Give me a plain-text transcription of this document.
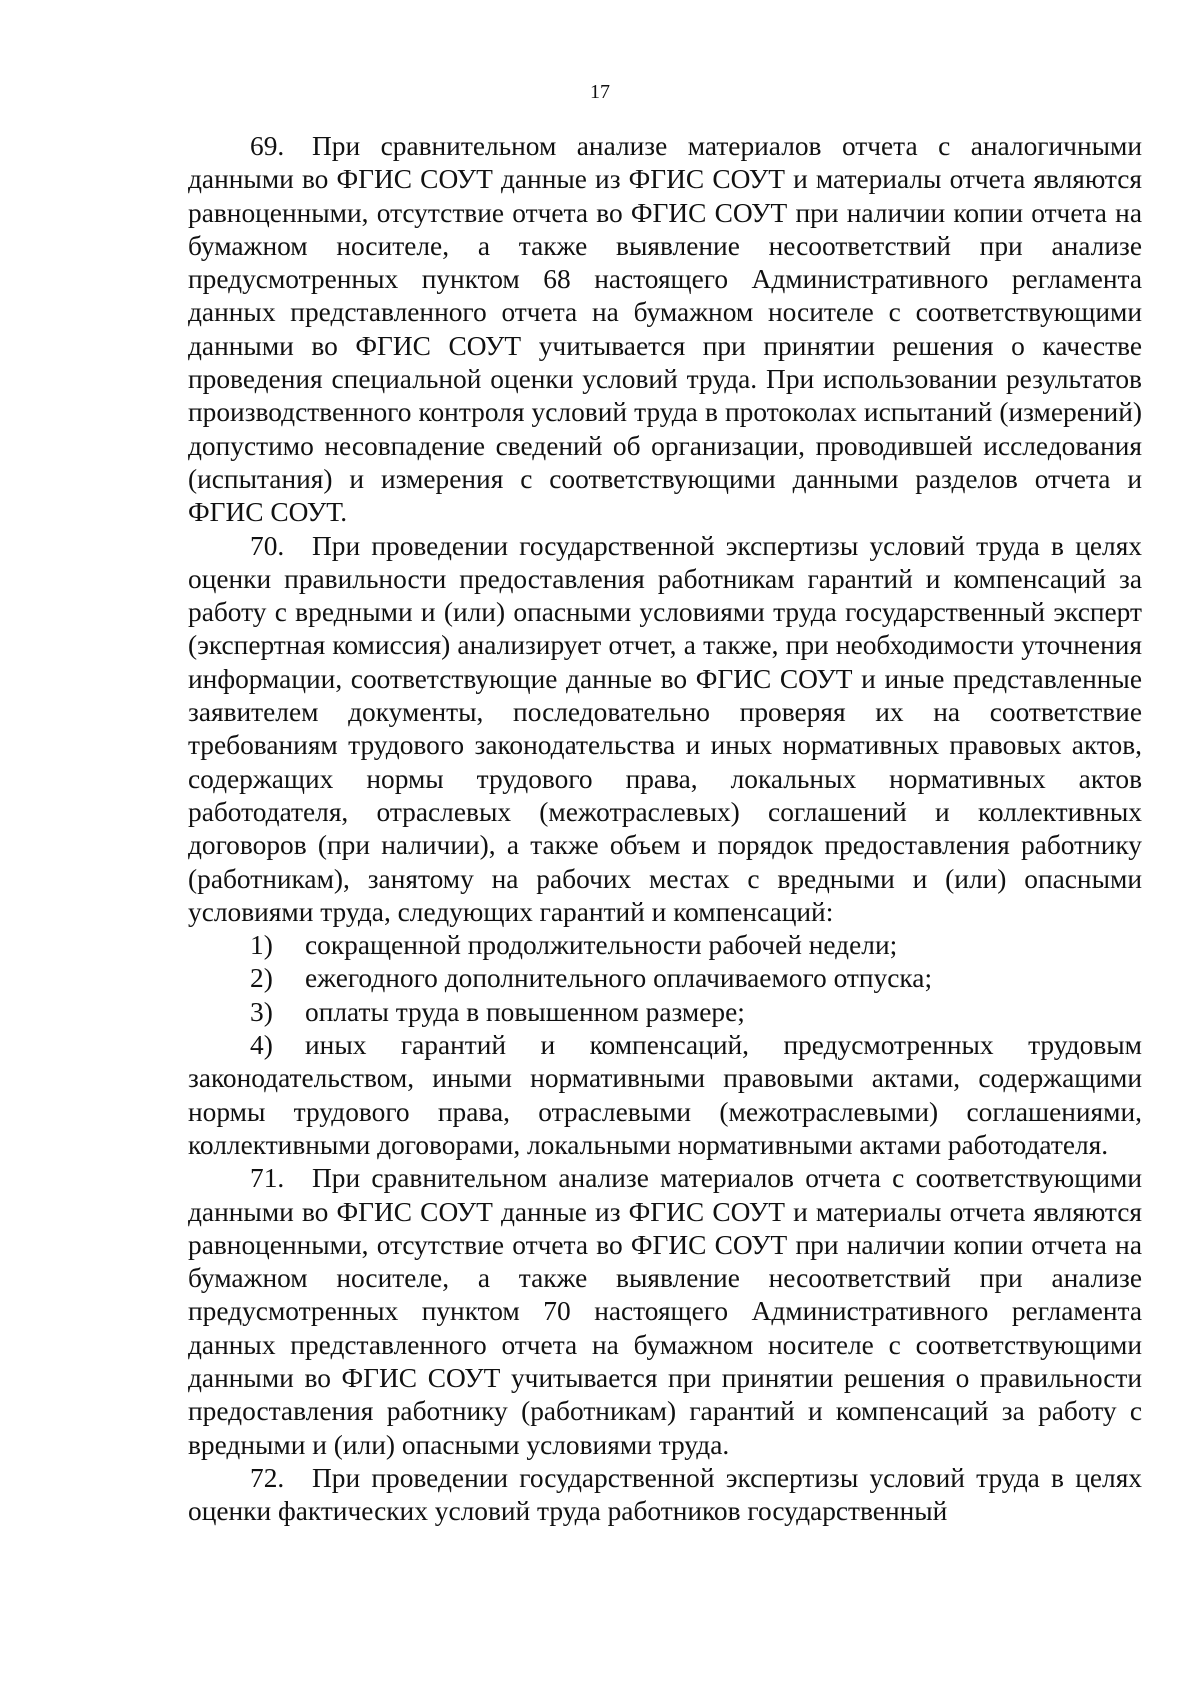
17

69. При сравнительном анализе материалов отчета с аналогичными данными во ФГИС СОУТ данные из ФГИС СОУТ и материалы отчета являются равноценными, отсутствие отчета во ФГИС СОУТ при наличии копии отчета на бумажном носителе, а также выявление несоответствий при анализе предусмотренных пунктом 68 настоящего Административного регламента данных представленного отчета на бумажном носителе с соответствующими данными во ФГИС СОУТ учитывается при принятии решения о качестве проведения специальной оценки условий труда. При использовании результатов производственного контроля условий труда в протоколах испытаний (измерений) допустимо несовпадение сведений об организации, проводившей исследования (испытания) и измерения с соответствующими данными разделов отчета и ФГИС СОУТ.

70. При проведении государственной экспертизы условий труда в целях оценки правильности предоставления работникам гарантий и компенсаций за работу с вредными и (или) опасными условиями труда государственный эксперт (экспертная комиссия) анализирует отчет, а также, при необходимости уточнения информации, соответствующие данные во ФГИС СОУТ и иные представленные заявителем документы, последовательно проверяя их на соответствие требованиям трудового законодательства и иных нормативных правовых актов, содержащих нормы трудового права, локальных нормативных актов работодателя, отраслевых (межотраслевых) соглашений и коллективных договоров (при наличии), а также объем и порядок предоставления работнику (работникам), занятому на рабочих местах с вредными и (или) опасными условиями труда, следующих гарантий и компенсаций:

1) сокращенной продолжительности рабочей недели;

2) ежегодного дополнительного оплачиваемого отпуска;

3) оплаты труда в повышенном размере;

4) иных гарантий и компенсаций, предусмотренных трудовым законодательством, иными нормативными правовыми актами, содержащими нормы трудового права, отраслевыми (межотраслевыми) соглашениями, коллективными договорами, локальными нормативными актами работодателя.

71. При сравнительном анализе материалов отчета с соответствующими данными во ФГИС СОУТ данные из ФГИС СОУТ и материалы отчета являются равноценными, отсутствие отчета во ФГИС СОУТ при наличии копии отчета на бумажном носителе, а также выявление несоответствий при анализе предусмотренных пунктом 70 настоящего Административного регламента данных представленного отчета на бумажном носителе с соответствующими данными во ФГИС СОУТ учитывается при принятии решения о правильности предоставления работнику (работникам) гарантий и компенсаций за работу с вредными и (или) опасными условиями труда.

72. При проведении государственной экспертизы условий труда в целях оценки фактических условий труда работников государственный
